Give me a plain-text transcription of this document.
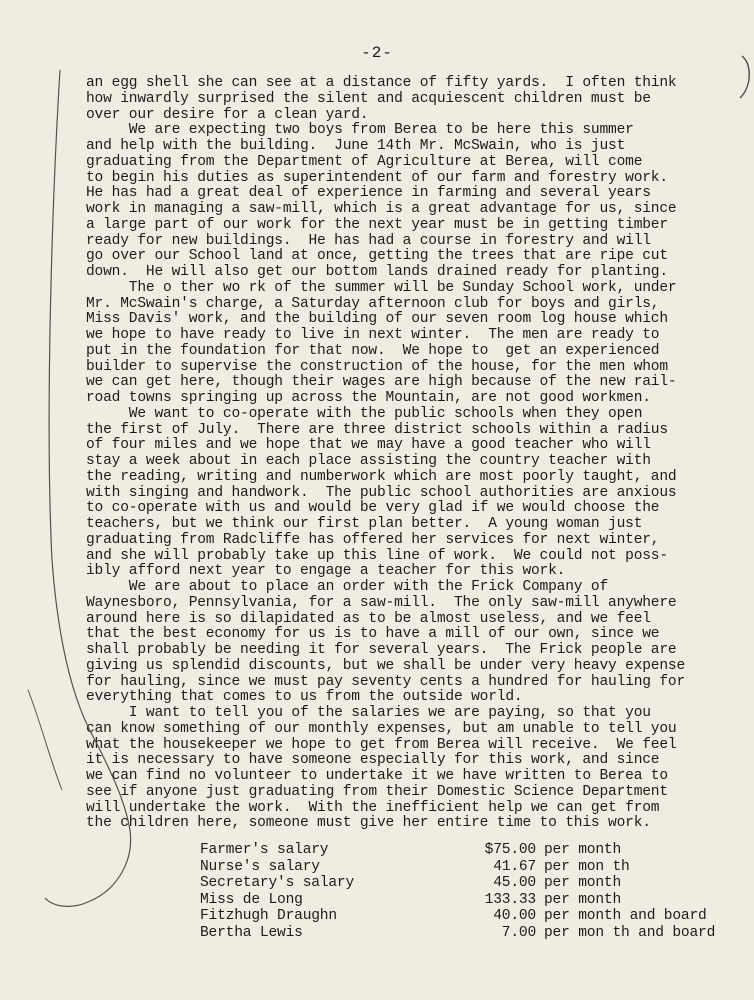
-2-
an egg shell she can see at a distance of fifty yards.  I often think
how inwardly surprised the silent and acquiescent children must be
over our desire for a clean yard.
We are expecting two boys from Berea to be here this summer
and help with the building.  June 14th Mr. McSwain, who is just
graduating from the Department of Agriculture at Berea, will come
to begin his duties as superintendent of our farm and forestry work.
He has had a great deal of experience in farming and several years
work in managing a saw-mill, which is a great advantage for us, since
a large part of our work for the next year must be in getting timber
ready for new buildings.  He has had a course in forestry and will
go over our School land at once, getting the trees that are ripe cut
down.  He will also get our bottom lands drained ready for planting.
The o ther wo rk of the summer will be Sunday School work, under
Mr. McSwain's charge, a Saturday afternoon club for boys and girls,
Miss Davis' work, and the building of our seven room log house which
we hope to have ready to live in next winter.  The men are ready to
put in the foundation for that now.  We hope to  get an experienced
builder to supervise the construction of the house, for the men whom
we can get here, though their wages are high because of the new rail-
road towns springing up across the Mountain, are not good workmen.
We want to co-operate with the public schools when they open
the first of July.  There are three district schools within a radius
of four miles and we hope that we may have a good teacher who will
stay a week about in each place assisting the country teacher with
the reading, writing and numberwork which are most poorly taught, and
with singing and handwork.  The public school authorities are anxious
to co-operate with us and would be very glad if we would choose the
teachers, but we think our first plan better.  A young woman just
graduating from Radcliffe has offered her services for next winter,
and she will probably take up this line of work.  We could not poss-
ibly afford next year to engage a teacher for this work.
We are about to place an order with the Frick Company of
Waynesboro, Pennsylvania, for a saw-mill.  The only saw-mill anywhere
around here is so dilapidated as to be almost useless, and we feel
that the best economy for us is to have a mill of our own, since we
shall probably be needing it for several years.  The Frick people are
giving us splendid discounts, but we shall be under very heavy expense
for hauling, since we must pay seventy cents a hundred for hauling for
everything that comes to us from the outside world.
I want to tell you of the salaries we are paying, so that you
can know something of our monthly expenses, but am unable to tell you
what the housekeeper we hope to get from Berea will receive.  We feel
it is necessary to have someone especially for this work, and since
we can find no volunteer to undertake it we have written to Berea to
see if anyone just graduating from their Domestic Science Department
will undertake the work.  With the inefficient help we can get from
the children here, someone must give her entire time to this work.
Farmer's salary	$75.00 per month
Nurse's salary	41.67 per mon th
Secretary's salary	45.00 per month
Miss de Long	133.33 per month
Fitzhugh Draughn	40.00 per month and board
Bertha Lewis	7.00 per mon th and board
